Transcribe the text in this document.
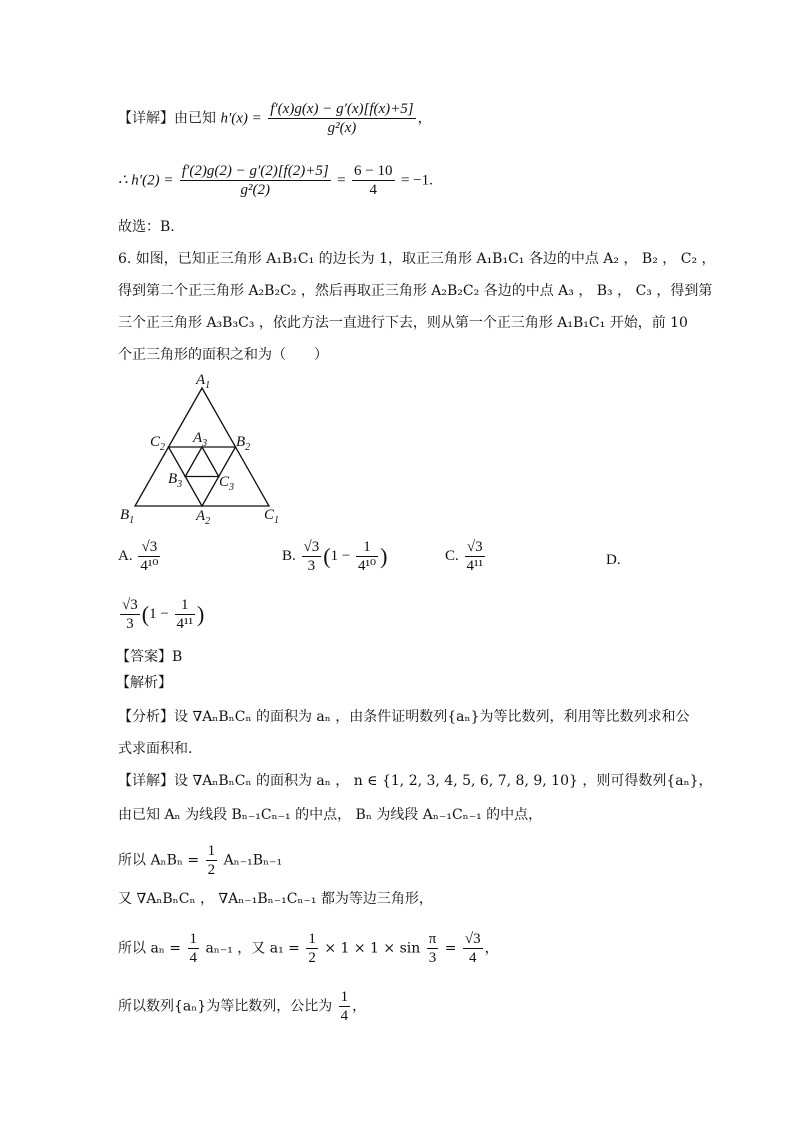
【详解】由已知 $h'(x) = \frac{f'(x)g(x) - g'(x)[f(x)+5]}{\text{g²(x)}}$ ，
∴ $h'(2) = \frac{f'(2)g(2) - g'(2)[f(2)+5]}{\text{g²(2)}} = \frac{6 - 10}{4} = -1$.
故选：B.
6. 如图，已知正三角形 A₁B₁C₁ 的边长为 1，取正三角形 A₁B₁C₁ 各边的中点 A₂ ， B₂ ， C₂ ，
得到第二个正三角形 A₂B₂C₂ ，然后再取正三角形 A₂B₂C₂ 各边的中点 A₃ ， B₃ ， C₃ ，得到第
三个正三角形 A₃B₃C₃ ，依此方法一直进行下去，则从第一个正三角形 A₁B₁C₁ 开始，前 10
个正三角形的面积之和为（　　）
$A_1$
$C_2$
$A_3$ $B_2$
$B_3$ $C_3$
$B_1$	$A_2$	$C_1$
A. $\frac{√3}{\text{4¹⁰}}$	B. $\frac{√3}{3} (1 - \frac{1}{\text{4¹⁰}}$ )	C. $\frac{√3}{\text{4¹¹}}$	D.
$\frac{√3}{3} (1 - \frac{1}{\text{4¹¹}}$ )
【答案】B
【解析】
【分析】设 ∇AₙBₙCₙ 的面积为 aₙ ，由条件证明数列{aₙ}为等比数列，利用等比数列求和公
式求面积和.
【详解】设 ∇AₙBₙCₙ 的面积为 aₙ ， n ∈ {1, 2, 3, 4, 5, 6, 7, 8, 9, 10} ，则可得数列{aₙ}，
由已知 Aₙ 为线段 Bₙ₋₁Cₙ₋₁ 的中点， Bₙ 为线段 Aₙ₋₁Cₙ₋₁ 的中点，
所以 $A_nB_n = \frac{1}{2} A_{n-1}B_{n-1}$
又 ∇AₙBₙCₙ ， ∇Aₙ₋₁Bₙ₋₁Cₙ₋₁ 都为等边三角形，
所以 $a_n = \frac{1}{4} a_{n-1}$ ，又 $a_1 = \frac{1}{2} \times 1 \times 1 \times \sin \frac{\pi}{3} = \frac{√3}{4}$ ，
所以数列{aₙ}为等比数列，公比为 $\frac{1}{4}$ ，
